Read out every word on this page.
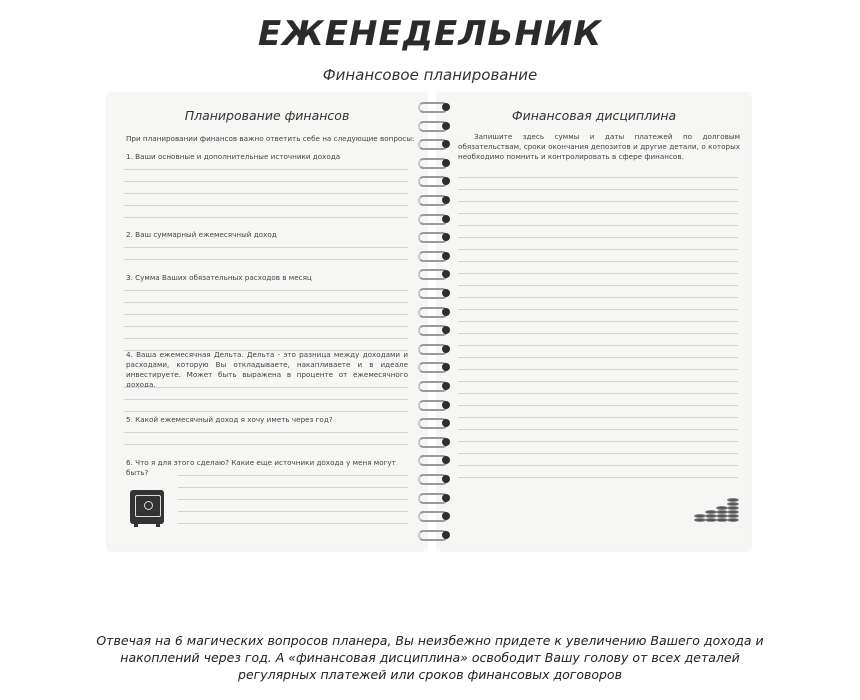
ЕЖЕНЕДЕЛЬНИК
Финансовое планирование
Планирование финансов
При планировании финансов важно ответить себе на следующие вопросы:
1. Ваши основные и дополнительные источники дохода
2. Ваш суммарный ежемесячный доход
3. Сумма Ваших обязательных расходов в месяц
4. Ваша ежемесячная Дельта. Дельта - это разница между доходами и расходами, которую Вы откладываете, накапливаете и в идеале инвестируете. Может быть выражена в проценте от ежемесячного дохода.
5. Какой ежемесячный доход я хочу иметь через год?
6. Что я для этого сделаю? Какие еще источники дохода у меня могут быть?
Финансовая дисциплина
Запишите здесь суммы и даты платежей по долговым обязательствам, сроки окончания депозитов и другие детали, о которых необходимо помнить и контролировать в сфере финансов.
Отвечая на 6 магических вопросов планера, Вы неизбежно придете к увеличению Вашего дохода и накоплений через год. А «финансовая дисциплина» освободит Вашу голову от всех деталей регулярных платежей или сроков финансовых договоров
